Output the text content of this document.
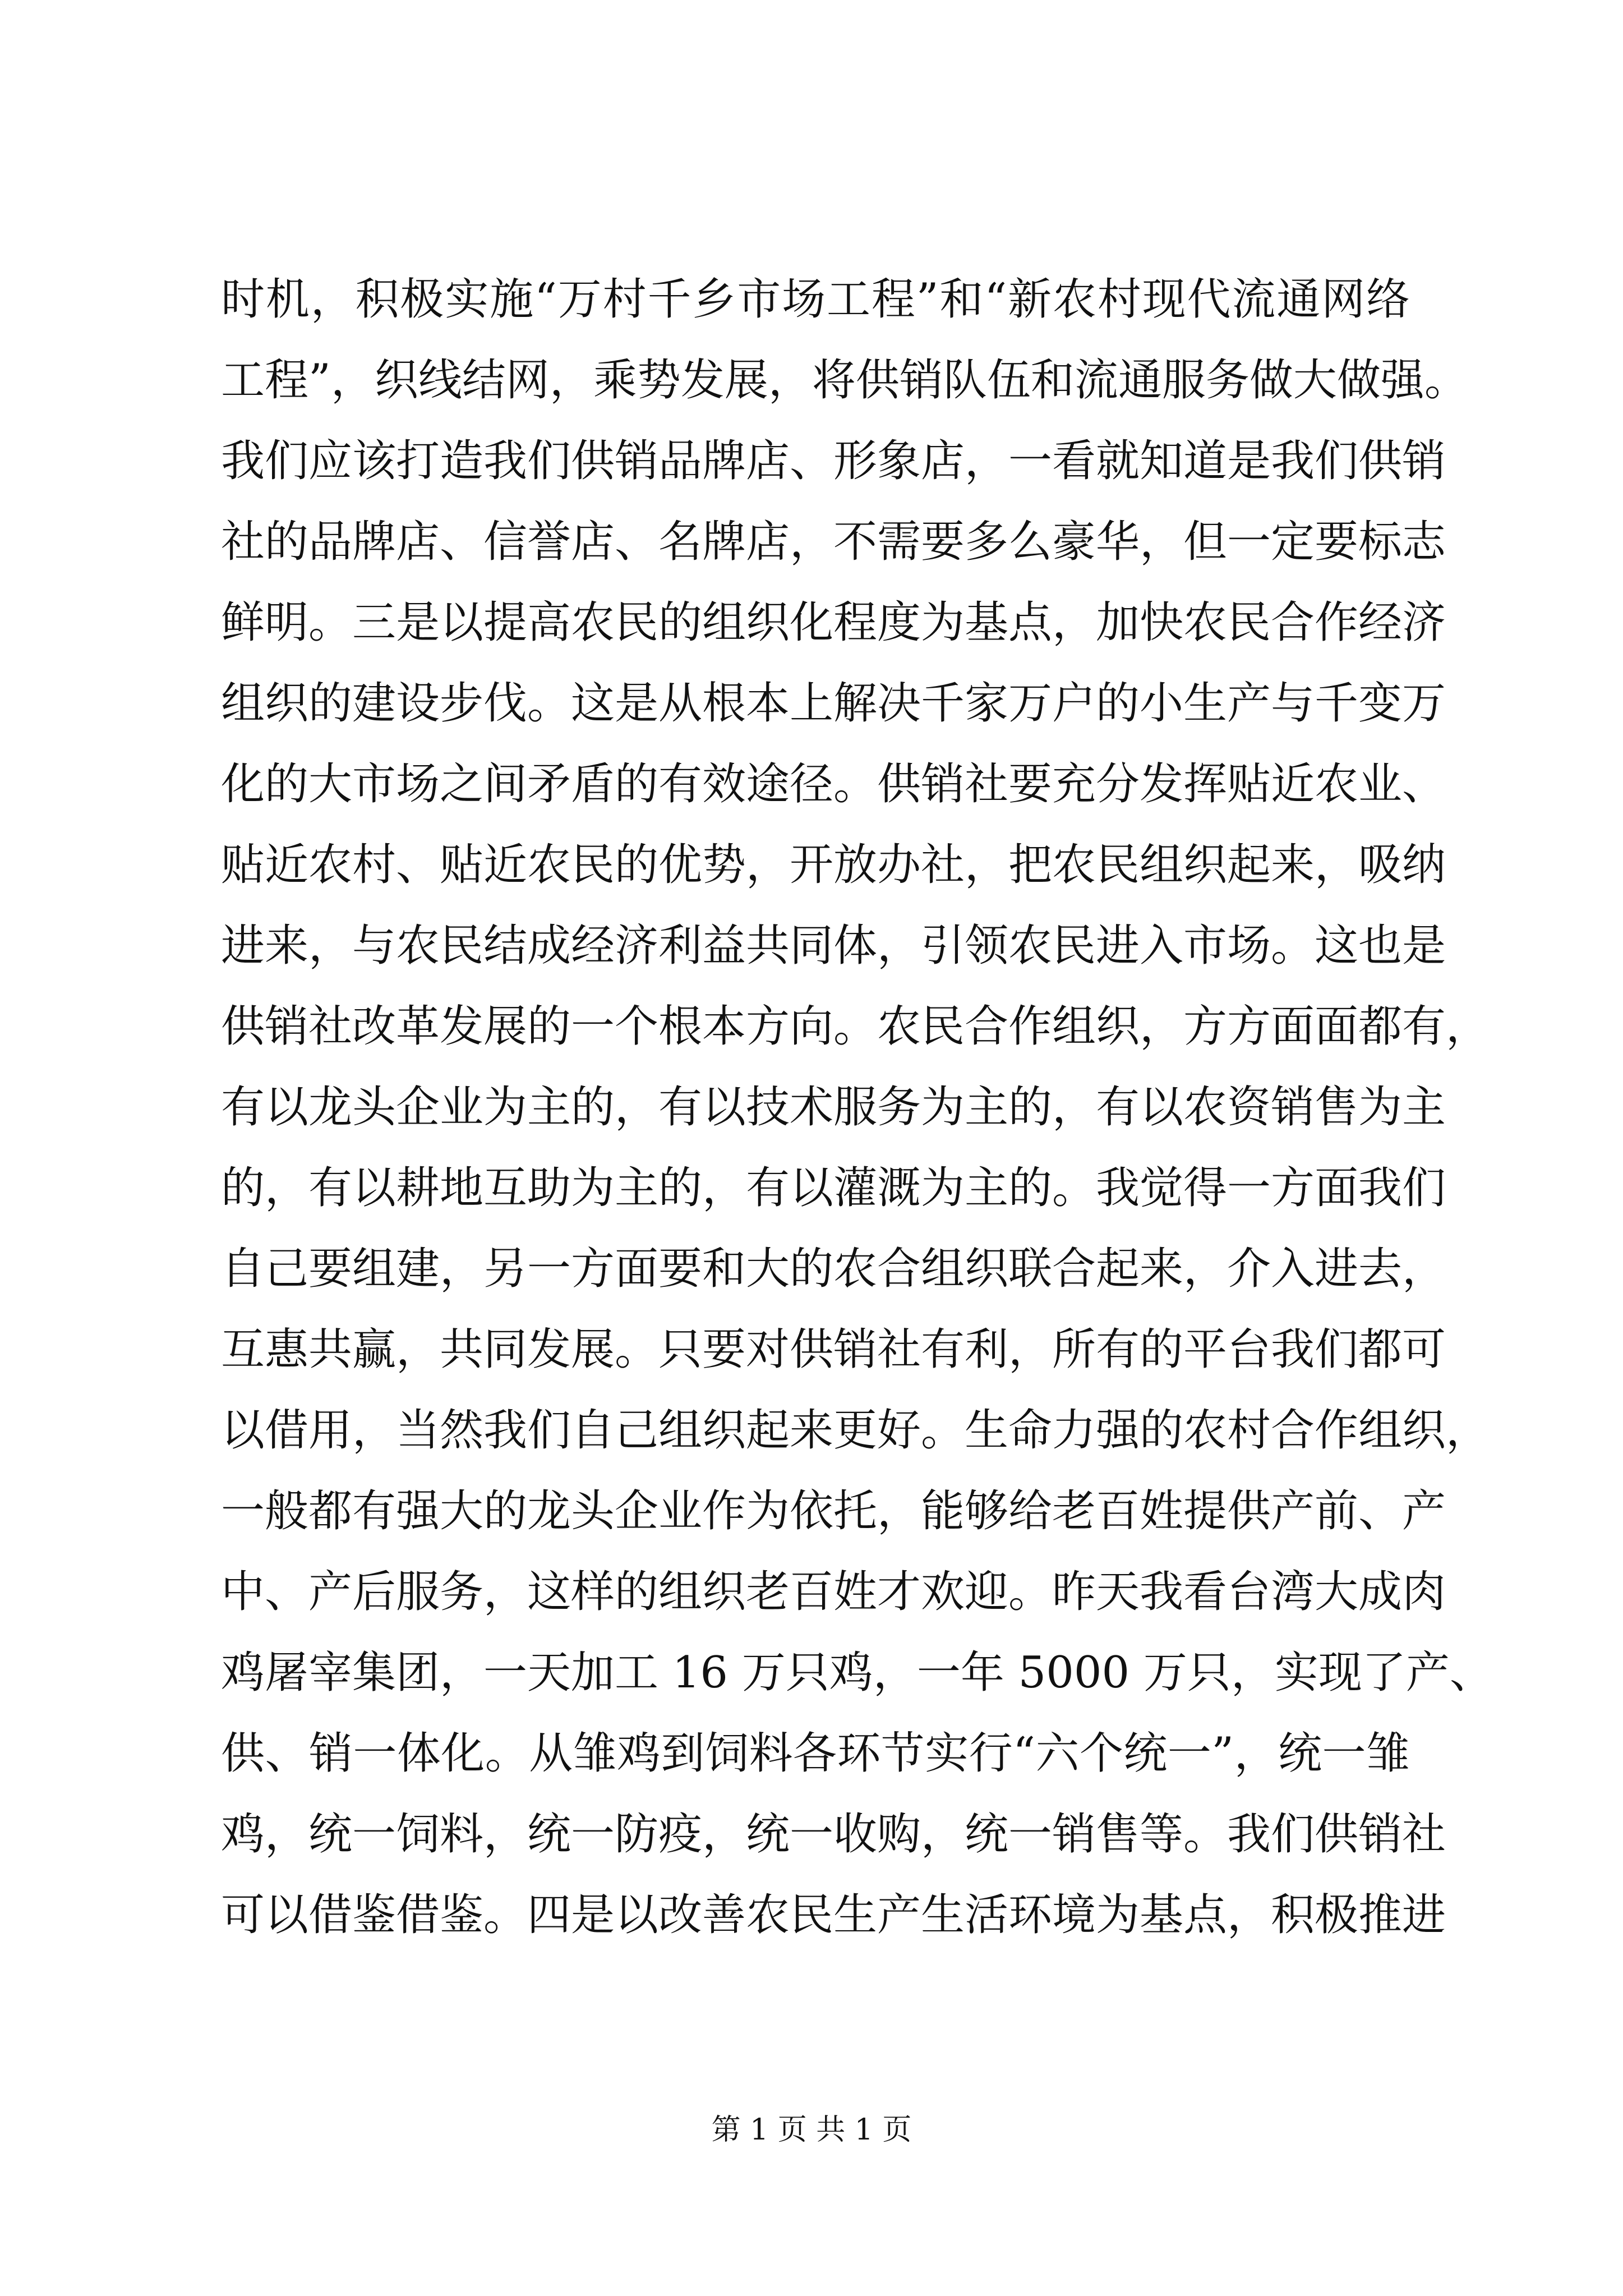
时机，积极实施“万村千乡市场工程”和“新农村现代流通网络
工程”，织线结网，乘势发展，将供销队伍和流通服务做大做强。
我们应该打造我们供销品牌店、形象店，一看就知道是我们供销
社的品牌店、信誉店、名牌店，不需要多么豪华，但一定要标志
鲜明。三是以提高农民的组织化程度为基点，加快农民合作经济
组织的建设步伐。这是从根本上解决千家万户的小生产与千变万
化的大市场之间矛盾的有效途径。供销社要充分发挥贴近农业、
贴近农村、贴近农民的优势，开放办社，把农民组织起来，吸纳
进来，与农民结成经济利益共同体，引领农民进入市场。这也是
供销社改革发展的一个根本方向。农民合作组织，方方面面都有，
有以龙头企业为主的，有以技术服务为主的，有以农资销售为主
的，有以耕地互助为主的，有以灌溉为主的。我觉得一方面我们
自己要组建，另一方面要和大的农合组织联合起来，介入进去，
互惠共赢，共同发展。只要对供销社有利，所有的平台我们都可
以借用，当然我们自己组织起来更好。生命力强的农村合作组织，
一般都有强大的龙头企业作为依托，能够给老百姓提供产前、产
中、产后服务，这样的组织老百姓才欢迎。昨天我看台湾大成肉
鸡屠宰集团，一天加工 16 万只鸡，一年 5000 万只，实现了产、
供、销一体化。从雏鸡到饲料各环节实行“六个统一”，统一雏
鸡，统一饲料，统一防疫，统一收购，统一销售等。我们供销社
可以借鉴借鉴。四是以改善农民生产生活环境为基点，积极推进
第 1 页 共 1 页
